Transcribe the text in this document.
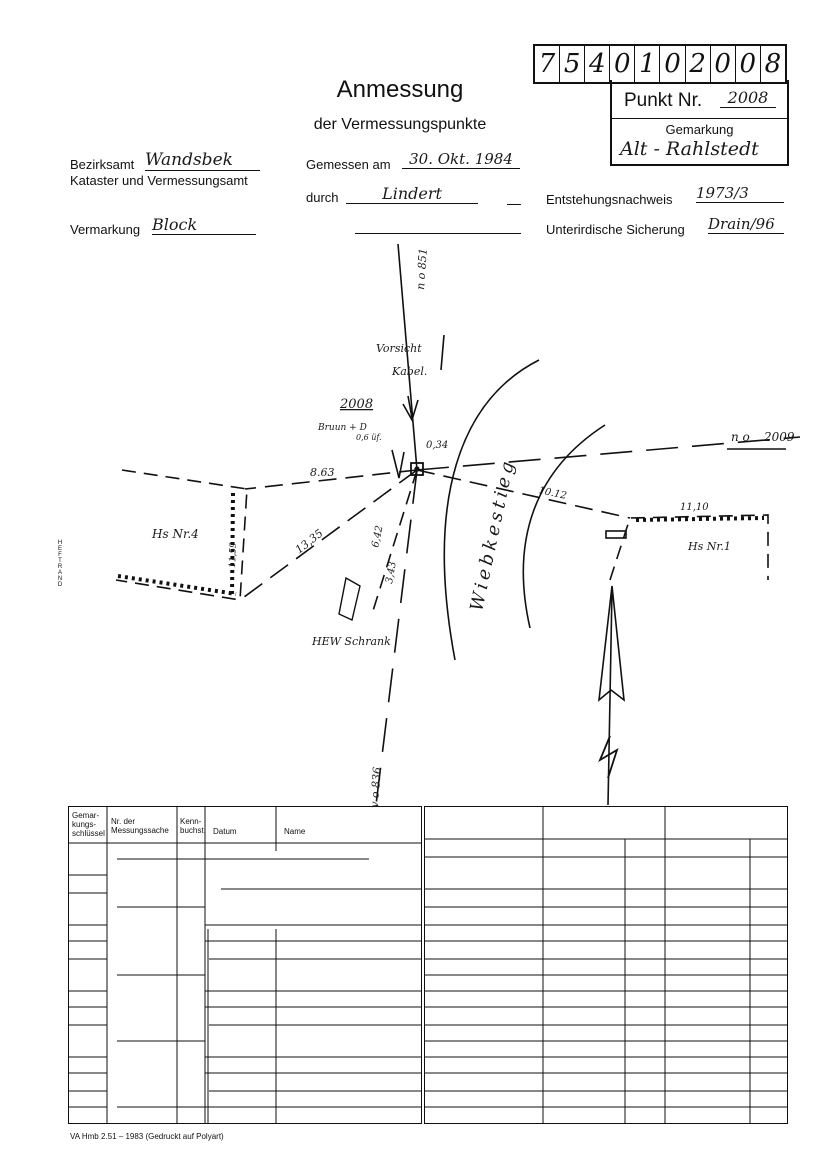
7 5 4 0 1 0 2 0 0 8
Punkt Nr.	2008
Gemarkung
Alt - Rahlstedt
Anmessung
der Vermessungspunkte
Bezirksamt Wandsbek
Kataster und Vermessungsamt
Gemessen am	30. Okt. 1984
durch	Lindert	Entstehungsnachweis 1973/3
Vermarkung Block	Unterirdische Sicherung Drain/96
HEFTRAND
n o 851
v o 836
n o 2009
Vorsicht
Kabel.
2008
Bruun + D
0,6 üf.
0,34
8.63
13,35	6,42
3,43
10.12
11,10
11,59
Hs Nr.4
Hs Nr.1
Wiebkestieg
HEW Schrank
Gemar-kungs-schlüssel
Nr. der Messungssache
Kenn-buchst. Datum	Name
VA Hmb 2.51 – 1983 (Gedruckt auf Polyart)
